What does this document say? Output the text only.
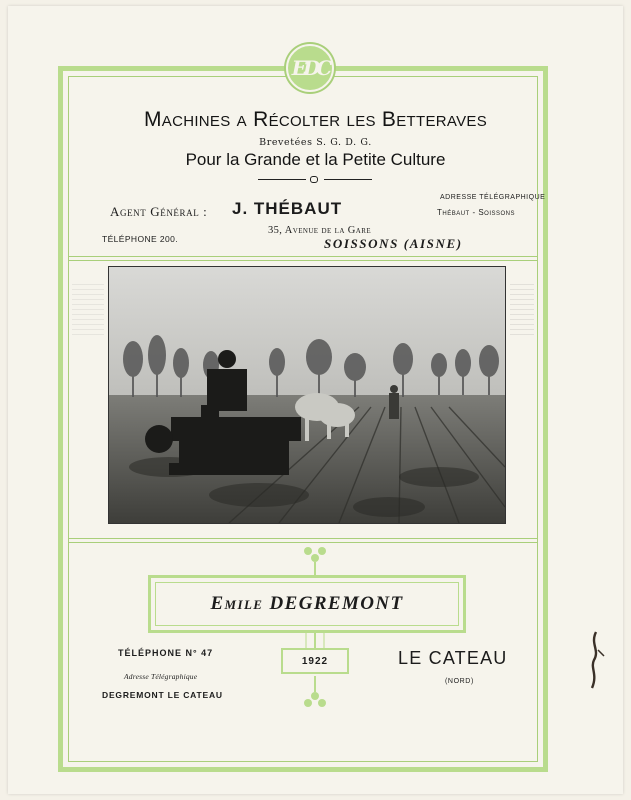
EDC
Machines a Récolter les Betteraves
Brevetées S. G. D. G.
Pour la Grande et la Petite Culture
Agent Général : J. THÉBAUT
35, Avenue de la Gare
ADRESSE TÉLÉGRAPHIQUE
Thébaut - Soissons
TÉLÉPHONE 200.	SOISSONS (AISNE)
Emile DEGREMONT
TÉLÉPHONE N° 47
Adresse Télégraphique
DEGREMONT LE CATEAU
1922	LE CATEAU
(NORD)
